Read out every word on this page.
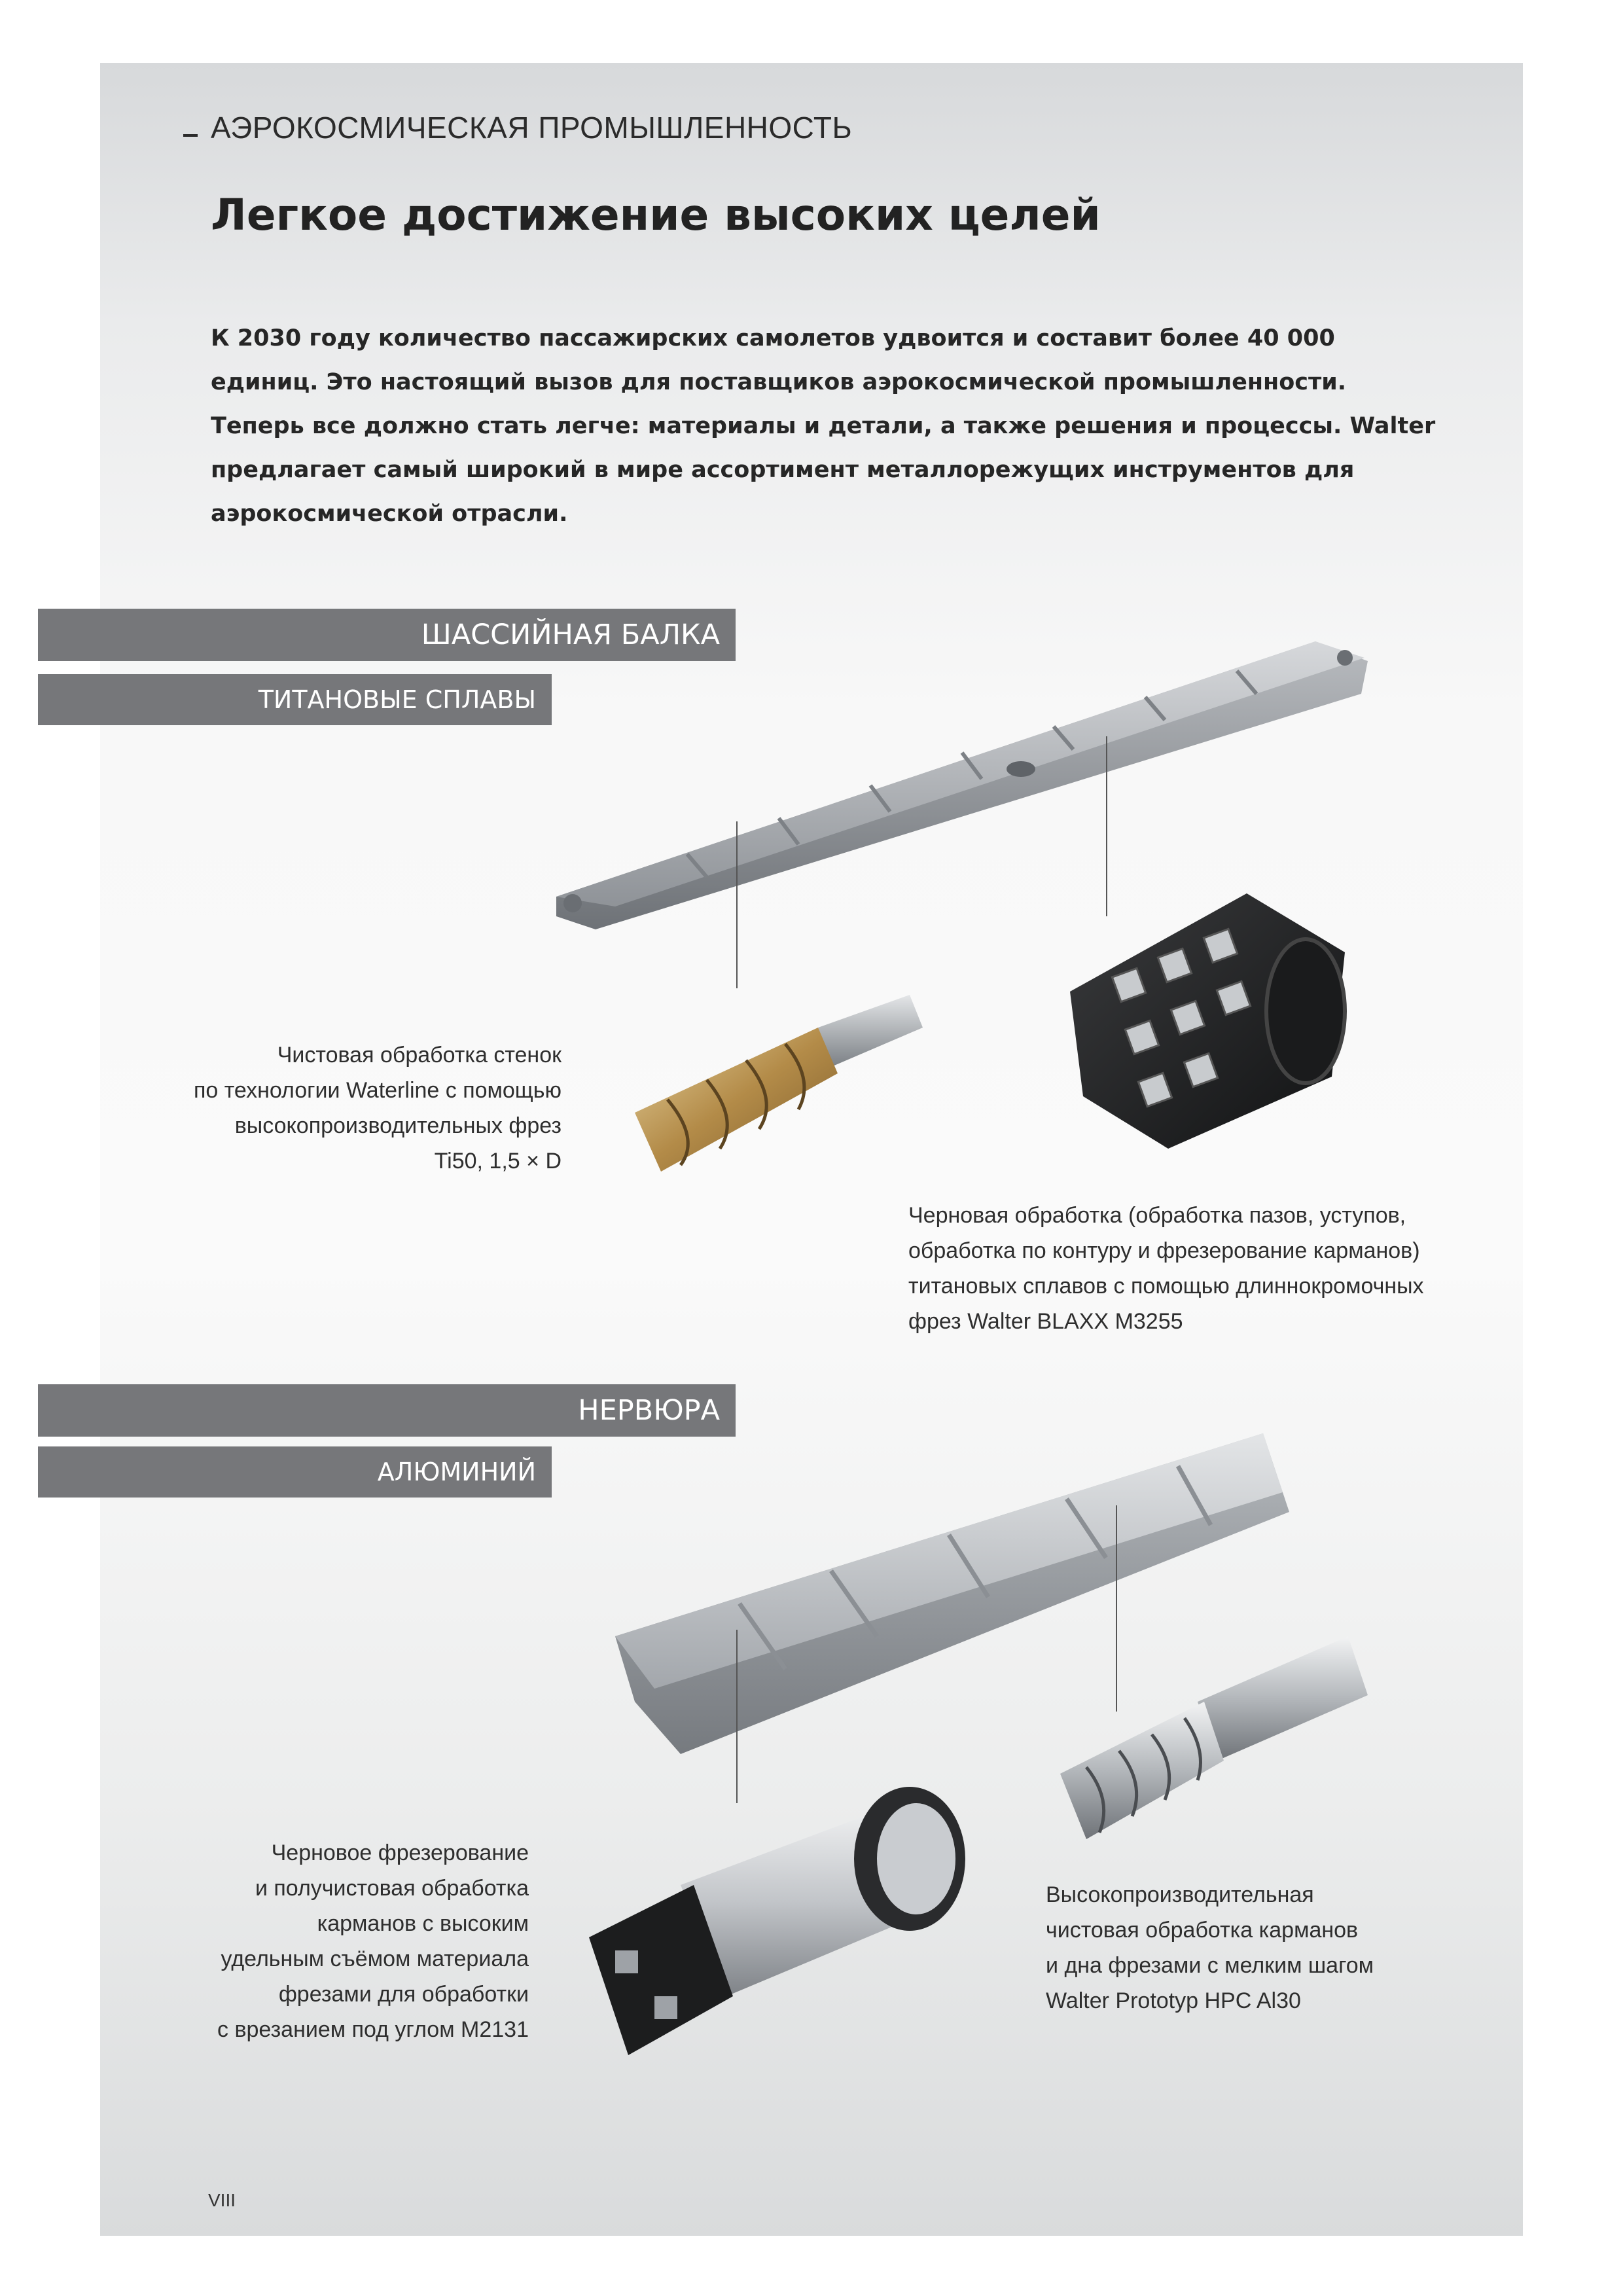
АЭРОКОСМИЧЕСКАЯ ПРОМЫШЛЕННОСТЬ
Легкое достижение высоких целей

К 2030 году количество пассажирских самолетов удвоится и составит более 40 000 единиц. Это настоящий вызов для поставщиков аэрокосмической промышленности. Теперь все должно стать легче: материалы и детали, а также решения и процессы. Walter предлагает самый широкий в мире ассортимент металлорежущих инструментов для аэрокосмической отрасли.

ШАССИЙНАЯ БАЛКА
ТИТАНОВЫЕ СПЛАВЫ

Чистовая обработка стенок
по технологии Waterline с помощью
высокопроизводительных фрез
Ti50, 1,5 × D

Черновая обработка (обработка пазов, уступов,
обработка по контуру и фрезерование карманов)
титановых сплавов с помощью длиннокромочных
фрез Walter BLAXX M3255

НЕРВЮРА
АЛЮМИНИЙ

Черновое фрезерование
и получистовая обработка
карманов с высоким
удельным съёмом материала
фрезами для обработки
с врезанием под углом M2131

Высокопроизводительная
чистовая обработка карманов
и дна фрезами с мелким шагом
Walter Prototyp HPC Al30

VIII
